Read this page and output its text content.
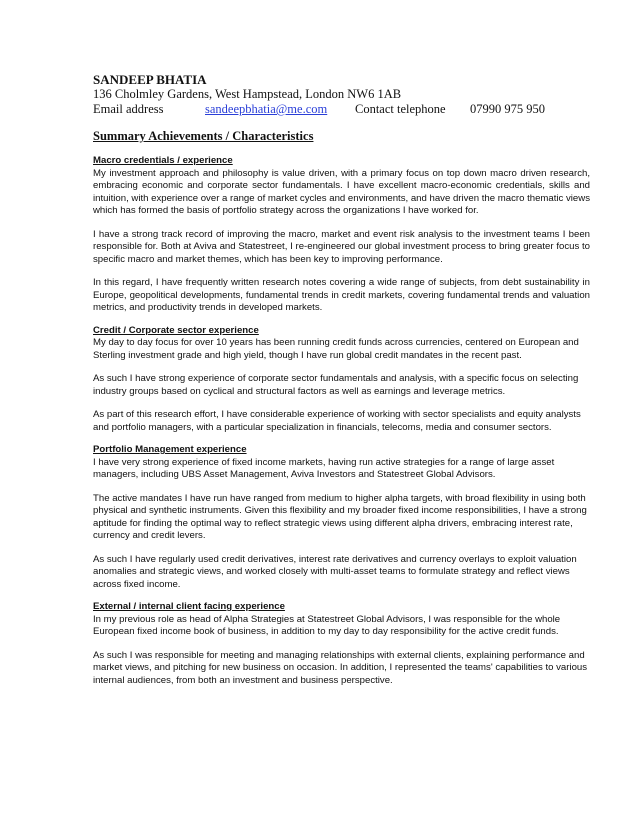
SANDEEP BHATIA
136 Cholmley Gardens, West Hampstead, London NW6 1AB
Email address	sandeepbhatia@me.com Contact telephone 07990 975 950
Summary Achievements / Characteristics
Macro credentials / experience

My investment approach and philosophy is value driven, with a primary focus on top down macro driven research, embracing economic and corporate sector fundamentals. I have excellent macro-economic credentials, skills and intuition, with experience over a range of market cycles and environments, and have driven the macro thematic views which has formed the basis of portfolio strategy across the organizations I have worked for.

I have a strong track record of improving the macro, market and event risk analysis to the investment teams I been responsible for. Both at Aviva and Statestreet, I re-engineered our global investment process to bring greater focus to specific macro and market themes, which has been key to improving performance.

In this regard, I have frequently written research notes covering a wide range of subjects, from debt sustainability in Europe, geopolitical developments, fundamental trends in credit markets, covering fundamental trends and valuation metrics, and productivity trends in developed markets.

Credit / Corporate sector experience

My day to day focus for over 10 years has been running credit funds across currencies, centered on European and Sterling investment grade and high yield, though I have run global credit mandates in the recent past.

As such I have strong experience of corporate sector fundamentals and analysis, with a specific focus on selecting industry groups based on cyclical and structural factors as well as earnings and leverage metrics.

As part of this research effort, I have considerable experience of working with sector specialists and equity analysts and portfolio managers, with a particular specialization in financials, telecoms, media and consumer sectors.

Portfolio Management experience

I have very strong experience of fixed income markets, having run active strategies for a range of large asset managers, including UBS Asset Management, Aviva Investors and Statestreet Global Advisors.

The active mandates I have run have ranged from medium to higher alpha targets, with broad flexibility in using both physical and synthetic instruments. Given this flexibility and my broader fixed income responsibilities, I have a strong aptitude for finding the optimal way to reflect strategic views using different alpha drivers, embracing interest rate, currency and credit levers.

As such I have regularly used credit derivatives, interest rate derivatives and currency overlays to exploit valuation anomalies and strategic views, and worked closely with multi-asset teams to formulate strategy and reflect views across fixed income.

External / internal client facing experience

In my previous role as head of Alpha Strategies at Statestreet Global Advisors, I was responsible for the whole European fixed income book of business, in addition to my day to day responsibility for the active credit funds.

As such I was responsible for meeting and managing relationships with external clients, explaining performance and market views, and pitching for new business on occasion. In addition, I represented the teams' capabilities to various internal audiences, from both an investment and business perspective.
